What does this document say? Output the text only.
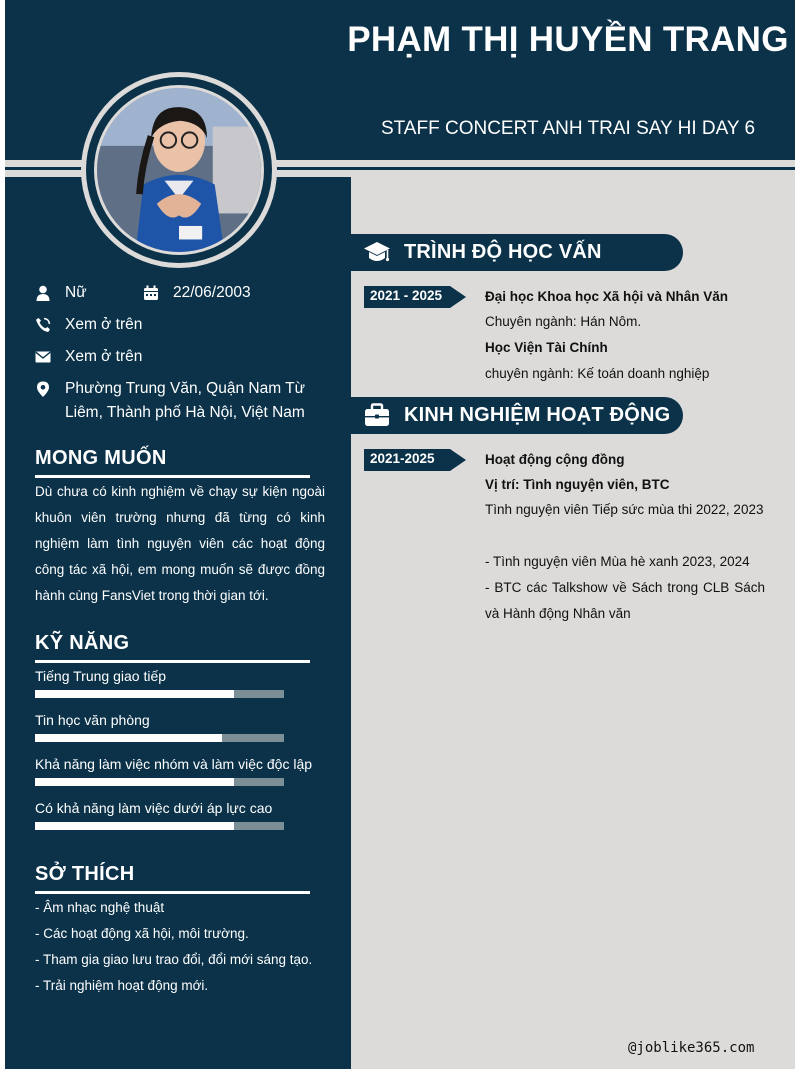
PHẠM THỊ HUYỀN TRANG
STAFF CONCERT ANH TRAI SAY HI DAY 6
Nữ	22/06/2003
Xem ở trên
Xem ở trên
Phường Trung Văn, Quận Nam Từ Liêm, Thành phố Hà Nội, Việt Nam
MONG MUỐN
Dù chưa có kinh nghiệm về chạy sự kiện ngoài khuôn viên trường nhưng đã từng có kinh nghiệm làm tình nguyện viên các hoạt động công tác xã hội, em mong muốn sẽ được đồng hành cùng FansViet trong thời gian tới.
KỸ NĂNG
Tiếng Trung giao tiếp
Tin học văn phòng
Khả năng làm việc nhóm và làm việc độc lập
Có khả năng làm việc dưới áp lực cao
SỞ THÍCH
- Âm nhạc nghệ thuật
- Các hoạt động xã hội, môi trường.
- Tham gia giao lưu trao đổi, đổi mới sáng tạo.
- Trải nghiệm hoạt động mới.
TRÌNH ĐỘ HỌC VẤN
2021 - 2025	Đại học Khoa học Xã hội và Nhân Văn
Chuyên ngành: Hán Nôm.
Học Viện Tài Chính
chuyên ngành: Kế toán doanh nghiệp
KINH NGHIỆM HOẠT ĐỘNG
2021-2025	Hoạt động cộng đồng
Vị trí: Tình nguyện viên, BTC
Tình nguyện viên Tiếp sức mùa thi 2022, 2023
- Tình nguyện viên Mùa hè xanh 2023, 2024
- BTC các Talkshow về Sách trong CLB Sách và Hành động Nhân văn
@joblike365.com
